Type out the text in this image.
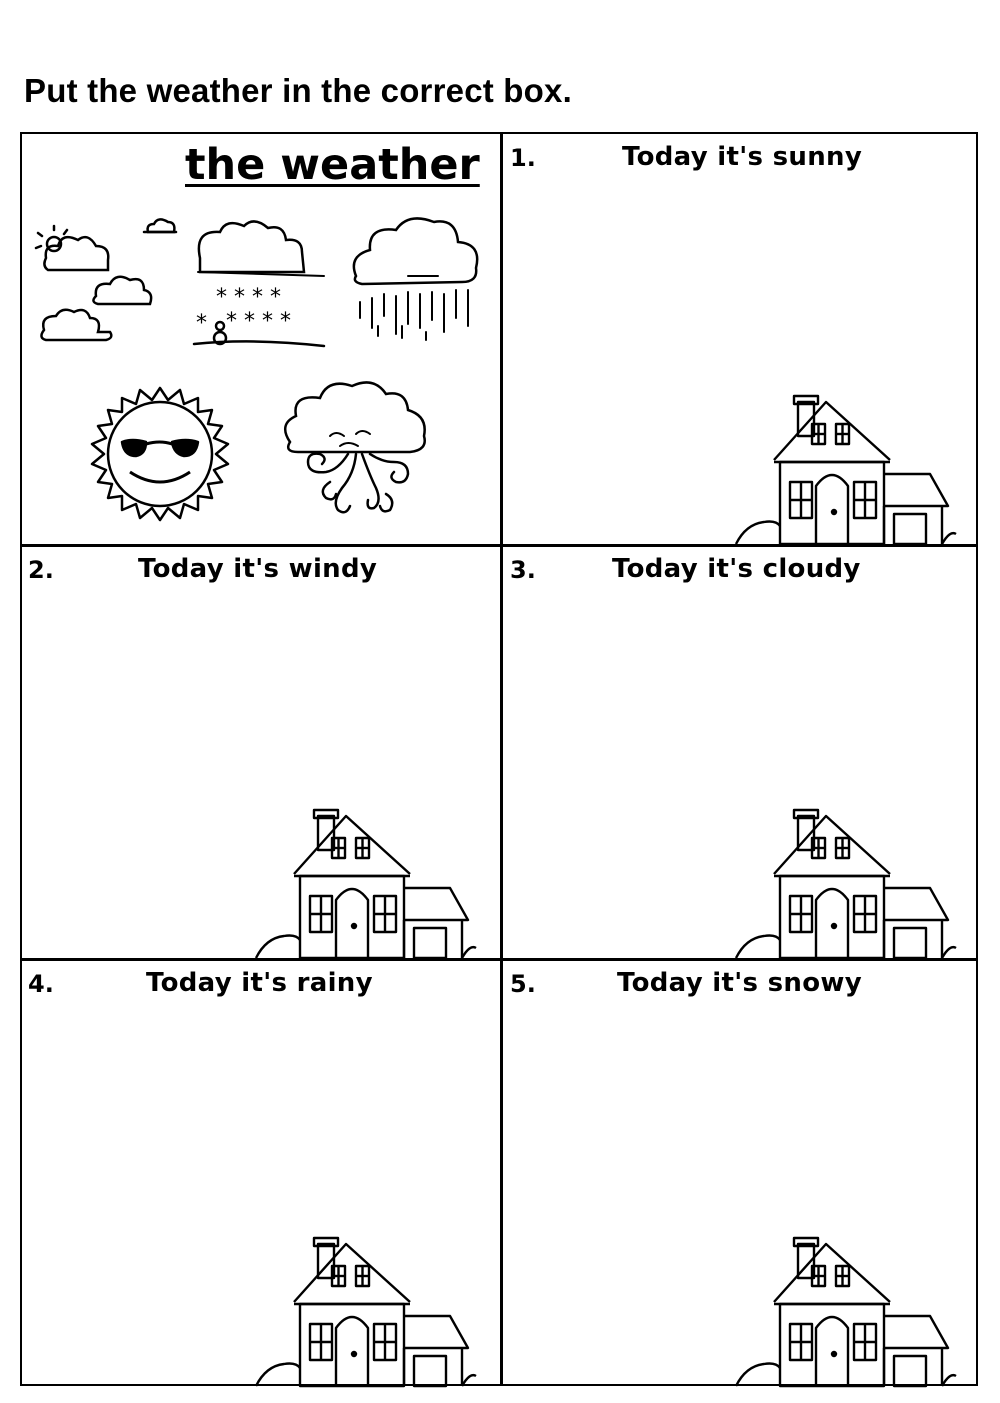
Put the weather in the correct box.
the weather
* * * *
* * * * *
1.	Today it's sunny
2.	Today it's windy	3.	Today it's cloudy
4.	Today it's rainy	5.	Today it's snowy
